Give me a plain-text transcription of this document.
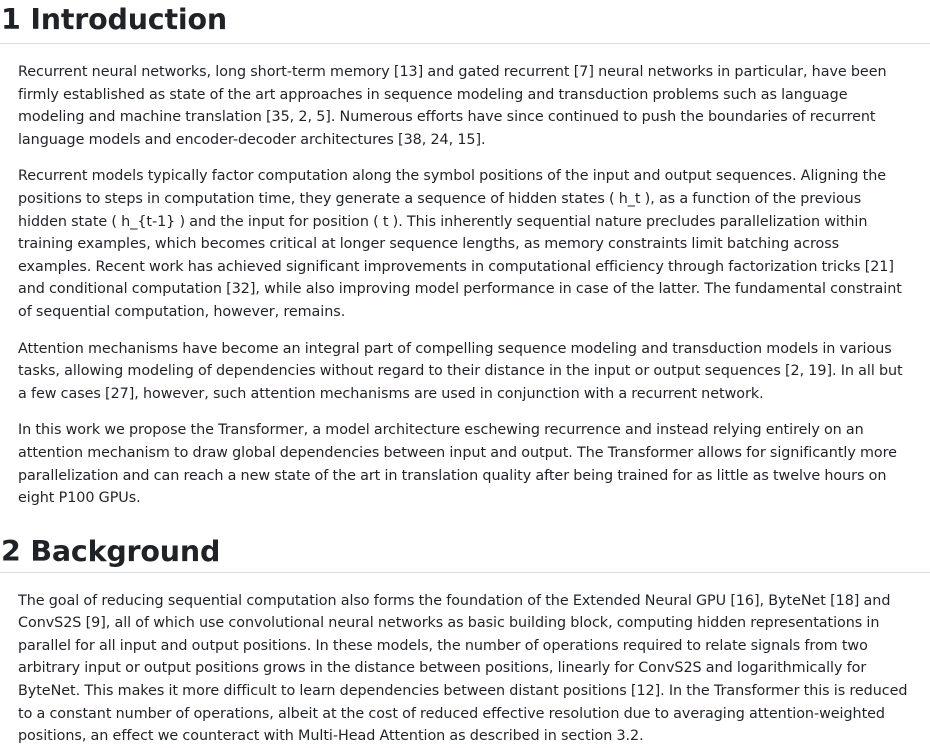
1 Introduction

Recurrent neural networks, long short-term memory [13] and gated recurrent [7] neural networks in particular, have been firmly established as state of the art approaches in sequence modeling and transduction problems such as language modeling and machine translation [35, 2, 5]. Numerous efforts have since continued to push the boundaries of recurrent language models and encoder-decoder architectures [38, 24, 15].

Recurrent models typically factor computation along the symbol positions of the input and output sequences. Aligning the positions to steps in computation time, they generate a sequence of hidden states ( h_t ), as a function of the previous hidden state ( h_{t-1} ) and the input for position ( t ). This inherently sequential nature precludes parallelization within training examples, which becomes critical at longer sequence lengths, as memory constraints limit batching across examples. Recent work has achieved significant improvements in computational efficiency through factorization tricks [21] and conditional computation [32], while also improving model performance in case of the latter. The fundamental constraint of sequential computation, however, remains.

Attention mechanisms have become an integral part of compelling sequence modeling and transduction models in various tasks, allowing modeling of dependencies without regard to their distance in the input or output sequences [2, 19]. In all but a few cases [27], however, such attention mechanisms are used in conjunction with a recurrent network.

In this work we propose the Transformer, a model architecture eschewing recurrence and instead relying entirely on an attention mechanism to draw global dependencies between input and output. The Transformer allows for significantly more parallelization and can reach a new state of the art in translation quality after being trained for as little as twelve hours on eight P100 GPUs.

2 Background

The goal of reducing sequential computation also forms the foundation of the Extended Neural GPU [16], ByteNet [18] and ConvS2S [9], all of which use convolutional neural networks as basic building block, computing hidden representations in parallel for all input and output positions. In these models, the number of operations required to relate signals from two arbitrary input or output positions grows in the distance between positions, linearly for ConvS2S and logarithmically for ByteNet. This makes it more difficult to learn dependencies between distant positions [12]. In the Transformer this is reduced to a constant number of operations, albeit at the cost of reduced effective resolution due to averaging attention-weighted positions, an effect we counteract with Multi-Head Attention as described in section 3.2.
